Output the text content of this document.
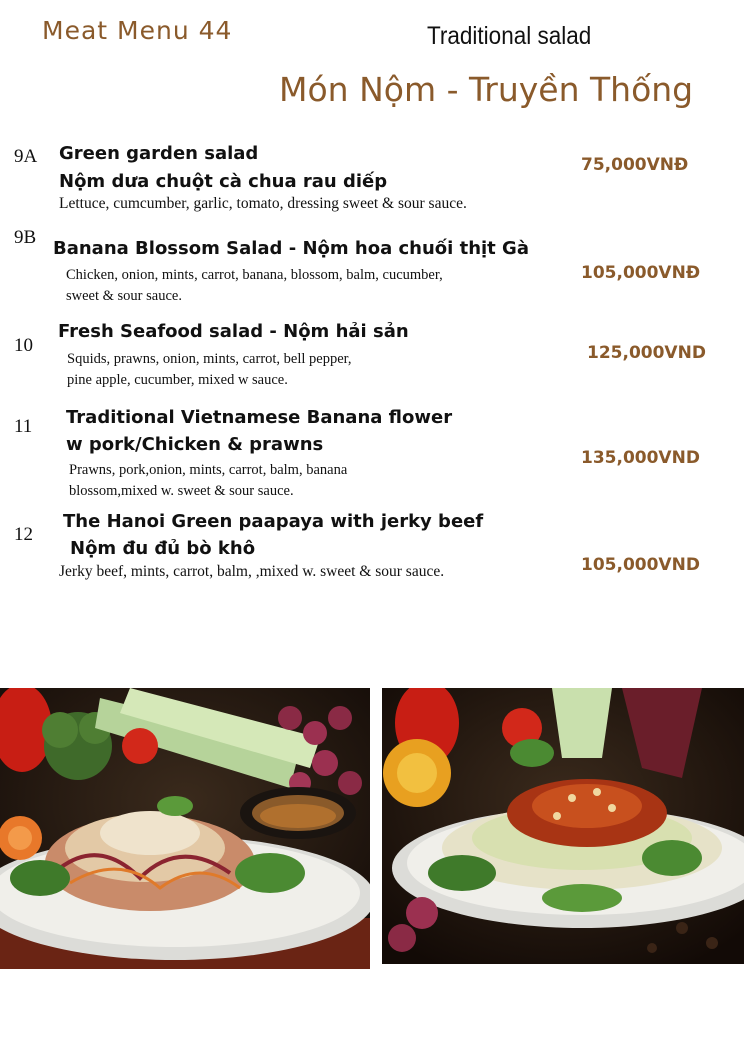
Meat Menu 44	Traditional salad
Món Nộm - Truyền Thống
9A Green garden salad
Nộm dưa chuột cà chua rau diếp
Lettuce, cumcumber, garlic, tomato, dressing sweet & sour sauce.
75,000VNĐ
9B
Banana Blossom Salad - Nộm hoa chuối thịt Gà
Chicken, onion, mints, carrot, banana, blossom, balm, cucumber,
sweet & sour sauce.
105,000VNĐ
10
Fresh Seafood salad - Nộm hải sản
Squids, prawns, onion, mints, carrot, bell pepper,
pine apple, cucumber, mixed w sauce.
125,000VND
11 Traditional Vietnamese Banana flower
w pork/Chicken & prawns
Prawns, pork,onion, mints, carrot, balm, banana
blossom,mixed w. sweet & sour sauce.
135,000VND
12
The Hanoi Green paapaya with jerky beef
Nộm đu đủ bò khô
Jerky beef, mints, carrot, balm, ,mixed w. sweet & sour sauce.	105,000VND
